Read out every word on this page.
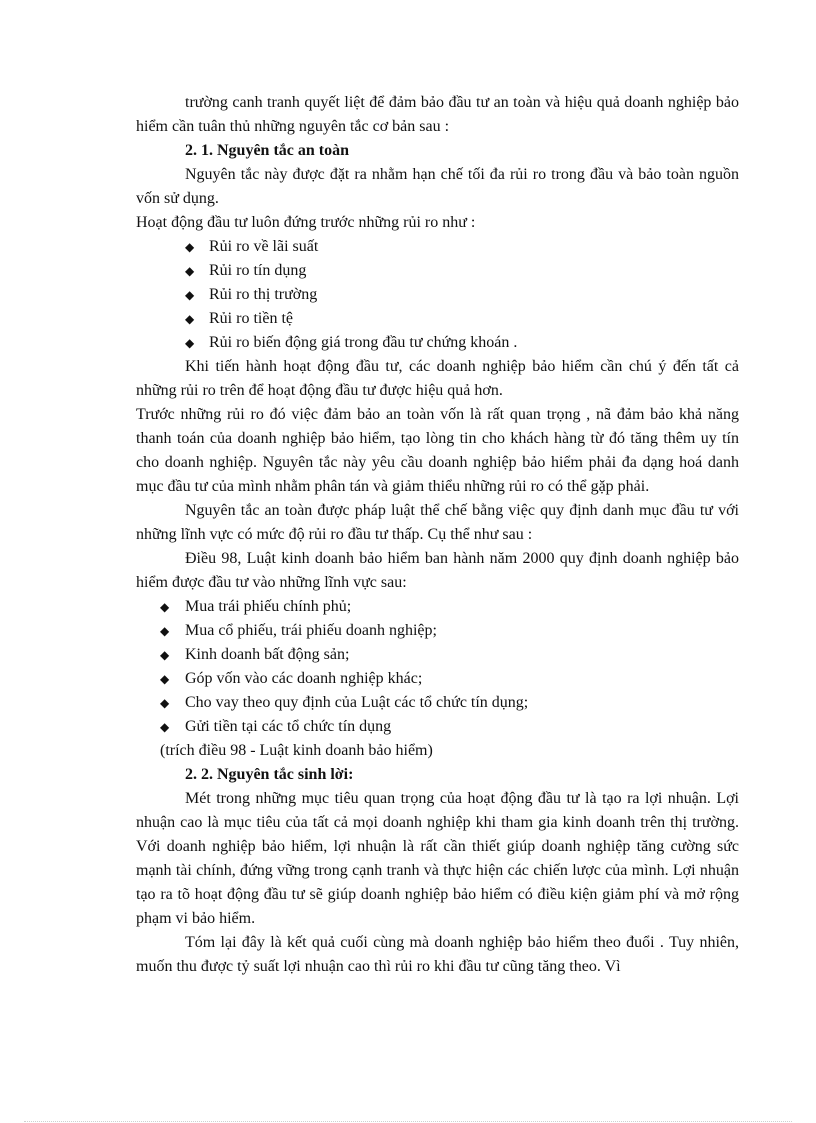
trường canh tranh quyết liệt để đảm bảo đầu tư an toàn và hiệu quả doanh nghiệp bảo hiểm cần tuân thủ những nguyên tắc cơ bản sau :

2. 1. Nguyên tắc an toàn

Nguyên tắc này được đặt ra nhằm hạn chế tối đa rủi ro trong đầu và bảo toàn nguồn vốn sử dụng.

Hoạt động đầu tư luôn đứng trước những rủi ro như :

◆ Rủi ro về lãi suất
◆ Rủi ro tín dụng
◆ Rủi ro thị trường
◆ Rủi ro tiền tệ
◆ Rủi ro biến động giá trong đầu tư chứng khoán .

Khi tiến hành hoạt động đầu tư, các doanh nghiệp bảo hiểm cần chú ý đến tất cả những rủi ro trên để hoạt động đầu tư được hiệu quả hơn.

Trước những rủi ro đó việc đảm bảo an toàn vốn là rất quan trọng , nã đảm bảo khả năng thanh toán của doanh nghiệp bảo hiểm, tạo lòng tin cho khách hàng từ đó tăng thêm uy tín cho doanh nghiệp. Nguyên tắc này yêu cầu doanh nghiệp bảo hiểm phải đa dạng hoá danh mục đầu tư của mình nhằm phân tán và giảm thiểu những rủi ro có thể gặp phải.

Nguyên tắc an toàn được pháp luật thể chế bằng việc quy định danh mục đầu tư với những lĩnh vực có mức độ rủi ro đầu tư thấp. Cụ thể như sau :

Điều 98, Luật kinh doanh bảo hiểm ban hành năm 2000 quy định doanh nghiệp bảo hiểm được đầu tư vào những lĩnh vực sau:

◆ Mua trái phiếu chính phủ;
◆ Mua cổ phiếu, trái phiếu doanh nghiệp;
◆ Kinh doanh bất động sản;
◆ Góp vốn vào các doanh nghiệp khác;
◆ Cho vay theo quy định của Luật các tổ chức tín dụng;
◆ Gửi tiền tại các tổ chức tín dụng

(trích điều 98 - Luật kinh doanh bảo hiểm)

2. 2. Nguyên tắc sinh lời:

Mét trong những mục tiêu quan trọng của hoạt động đầu tư là tạo ra lợi nhuận. Lợi nhuận cao là mục tiêu của tất cả mọi doanh nghiệp khi tham gia kinh doanh trên thị trường. Với doanh nghiệp bảo hiểm, lợi nhuận là rất cần thiết giúp doanh nghiệp tăng cường sức mạnh tài chính, đứng vững trong cạnh tranh và thực hiện các chiến lược của mình. Lợi nhuận tạo ra tõ hoạt động đầu tư sẽ giúp doanh nghiệp bảo hiểm có điều kiện giảm phí và mở rộng phạm vi bảo hiểm.

Tóm lại đây là kết quả cuối cùng mà doanh nghiệp bảo hiểm theo đuổi . Tuy nhiên, muốn thu được tỷ suất lợi nhuận cao thì rủi ro khi đầu tư cũng tăng theo. Vì
